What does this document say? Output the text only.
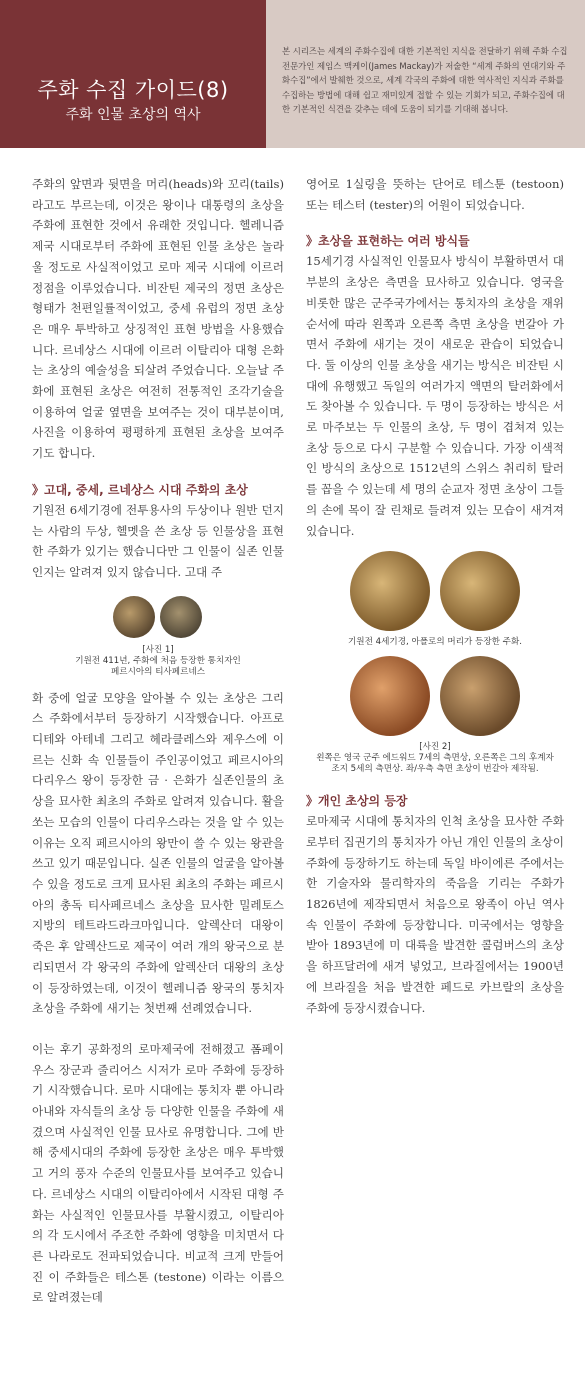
주화 수집 가이드(8)
주화 인물 초상의 역사
본 시리즈는 세계의 주화수집에 대한 기본적인 지식을 전달하기 위해 주화 수집 전문가인 제임스 맥케이(James Mackay)가 저술한 “세계 주화의 연대기와 주화수집”에서 발췌한 것으로, 세계 각국의 주화에 대한 역사적인 지식과 주화를 수집하는 방법에 대해 쉽고 재미있게 접할 수 있는 기회가 되고, 주화수집에 대한 기본적인 식견을 갖추는 데에 도움이 되기를 기대해 봅니다.

주화의 앞면과 뒷면을 머리(heads)와 꼬리(tails)라고도 부르는데, 이것은 왕이나 대통령의 초상을 주화에 표현한 것에서 유래한 것입니다. 헬레니즘 제국 시대로부터 주화에 표현된 인물 초상은 놀라울 정도로 사실적이었고 로마 제국 시대에 이르러 정점을 이루었습니다. 비잔틴 제국의 정면 초상은 형태가 천편일률적이었고, 중세 유럽의 정면 초상은 매우 투박하고 상징적인 표현 방법을 사용했습니다. 르네상스 시대에 이르러 이탈리아 대형 은화는 초상의 예술성을 되살려 주었습니다. 오늘날 주화에 표현된 초상은 여전히 전통적인 조각기술을 이용하여 얼굴 옆면을 보여주는 것이 대부분이며, 사진을 이용하여 평평하게 표현된 초상을 보여주기도 합니다.

》고대, 중세, 르네상스 시대 주화의 초상

기원전 6세기경에 전투용사의 두상이나 원반 던지는 사람의 두상, 헬멧을 쓴 초상 등 인물상을 표현한 주화가 있기는 했습니다만 그 인물이 실존 인물인지는 알려져 있지 않습니다. 고대 주

[사진 1]
기원전 411년, 주화에 처음 등장한 통치자인
페르시아의 티사페르네스

화 중에 얼굴 모양을 알아볼 수 있는 초상은 그리스 주화에서부터 등장하기 시작했습니다. 아프로디테와 아테네 그리고 헤라클레스와 제우스에 이르는 신화 속 인물들이 주인공이었고 페르시아의 다리우스 왕이 등장한 금 · 은화가 실존인물의 초상을 묘사한 최초의 주화로 알려져 있습니다. 활을 쏘는 모습의 인물이 다리우스라는 것을 알 수 있는 이유는 오직 페르시아의 왕만이 쓸 수 있는 왕관을 쓰고 있기 때문입니다. 실존 인물의 얼굴을 알아볼 수 있을 정도로 크게 묘사된 최초의 주화는 페르시아의 총독 티사페르네스 초상을 묘사한 밀레토스 지방의 테트라드라크마입니다. 알렉산더 대왕이 죽은 후 알렉산드로 제국이 여러 개의 왕국으로 분리되면서 각 왕국의 주화에 알렉산더 대왕의 초상이 등장하였는데, 이것이 헬레니즘 왕국의 통치자 초상을 주화에 새기는 첫번째 선례였습니다.

이는 후기 공화정의 로마제국에 전해졌고 폼페이우스 장군과 줄리어스 시저가 로마 주화에 등장하기 시작했습니다. 로마 시대에는 통치자 뿐 아니라 아내와 자식들의 초상 등 다양한 인물을 주화에 새겼으며 사실적인 인물 묘사로 유명합니다. 그에 반해 중세시대의 주화에 등장한 초상은 매우 투박했고 거의 풍자 수준의 인물묘사를 보여주고 있습니다. 르네상스 시대의 이탈리아에서 시작된 대형 주화는 사실적인 인물묘사를 부활시켰고, 이탈리아의 각 도시에서 주조한 주화에 영향을 미치면서 다른 나라로도 전파되었습니다. 비교적 크게 만들어진 이 주화들은 테스톤 (testone) 이라는 이름으로 알려졌는데

영어로 1실링을 뜻하는 단어로 테스툰 (testoon) 또는 테스터 (tester)의 어원이 되었습니다.

》초상을 표현하는 여러 방식들

15세기경 사실적인 인물묘사 방식이 부활하면서 대부분의 초상은 측면을 묘사하고 있습니다. 영국을 비롯한 많은 군주국가에서는 통치자의 초상을 재위 순서에 따라 왼쪽과 오른쪽 측면 초상을 번갈아 가면서 주화에 새기는 것이 새로운 관습이 되었습니다. 둘 이상의 인물 초상을 새기는 방식은 비잔틴 시대에 유행했고 독일의 여러가지 액면의 탈러화에서도 찾아볼 수 있습니다. 두 명이 등장하는 방식은 서로 마주보는 두 인물의 초상, 두 명이 겹쳐져 있는 초상 등으로 다시 구분할 수 있습니다. 가장 이색적인 방식의 초상으로 1512년의 스위스 취리히 탈러를 꼽을 수 있는데 세 명의 순교자 정면 초상이 그들의 손에 목이 잘 린채로 들려져 있는 모습이 새겨져 있습니다.

기원전 4세기경, 아폴로의 머리가 등장한 주화.
[사진 2]
왼쪽은 영국 군주 에드워드 7세의 측면상, 오른쪽은 그의 후계자
조지 5세의 측면상. 좌/우측 측면 초상이 번갈아 제작됨.
》개인 초상의 등장

로마제국 시대에 통치자의 인척 초상을 묘사한 주화로부터 집권기의 통치자가 아닌 개인 인물의 초상이 주화에 등장하기도 하는데 독일 바이에른 주에서는 한 기술자와 물리학자의 죽음을 기리는 주화가 1826년에 제작되면서 처음으로 왕족이 아닌 역사 속 인물이 주화에 등장합니다. 미국에서는 영향을 받아 1893년에 미 대륙을 발견한 콜럼버스의 초상을 하프달러에 새겨 넣었고, 브라질에서는 1900년에 브라질을 처음 발견한 페드로 카브랄의 초상을 주화에 등장시켰습니다.
